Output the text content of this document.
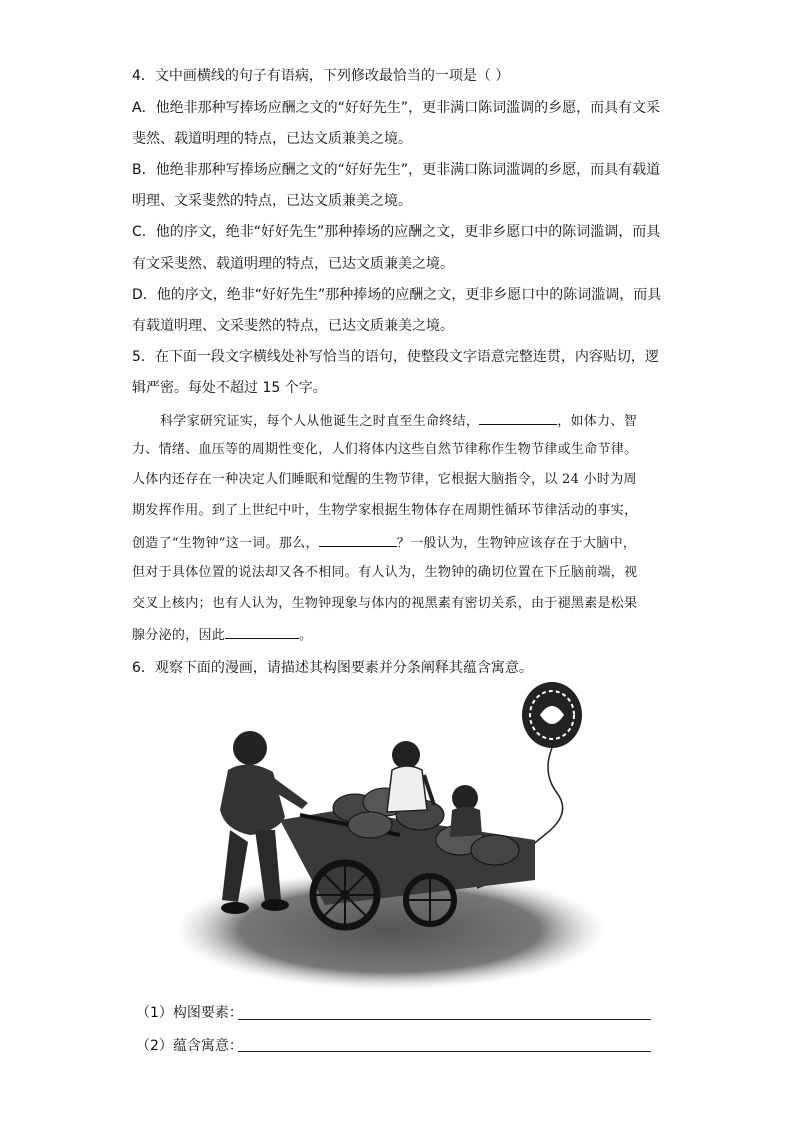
4．文中画横线的句子有语病，下列修改最恰当的一项是（ ）
A．他绝非那种写捧场应酬之文的“好好先生”，更非满口陈词滥调的乡愿，而具有文采
斐然、载道明理的特点，已达文质兼美之境。
B．他绝非那种写捧场应酬之文的“好好先生”，更非满口陈词滥调的乡愿，而具有载道
明理、文采斐然的特点，已达文质兼美之境。
C．他的序文，绝非“好好先生”那种捧场的应酬之文，更非乡愿口中的陈词滥调，而具
有文采斐然、载道明理的特点，已达文质兼美之境。
D．他的序文，绝非“好好先生”那种捧场的应酬之文，更非乡愿口中的陈词滥调，而具
有载道明理、文采斐然的特点，已达文质兼美之境。
5．在下面一段文字横线处补写恰当的语句，使整段文字语意完整连贯，内容贴切，逻
辑严密。每处不超过 15 个字。
科学家研究证实，每个人从他诞生之时直至生命终结，	，如体力、智
力、情绪、血压等的周期性变化，人们将体内这些自然节律称作生物节律或生命节律。
人体内还存在一种决定人们睡眠和觉醒的生物节律，它根据大脑指令，以 24 小时为周
期发挥作用。到了上世纪中叶，生物学家根据生物体存在周期性循环节律活动的事实，
创造了“生物钟”这一词。那么，	？一般认为，生物钟应该存在于大脑中，
但对于具体位置的说法却又各不相同。有人认为，生物钟的确切位置在下丘脑前端，视
交叉上核内；也有人认为，生物钟现象与体内的视黑素有密切关系，由于褪黑素是松果
腺分泌的，因此	。
6．观察下面的漫画，请描述其构图要素并分条阐释其蕴含寓意。
（1）构图要素：
（2）蕴含寓意：
